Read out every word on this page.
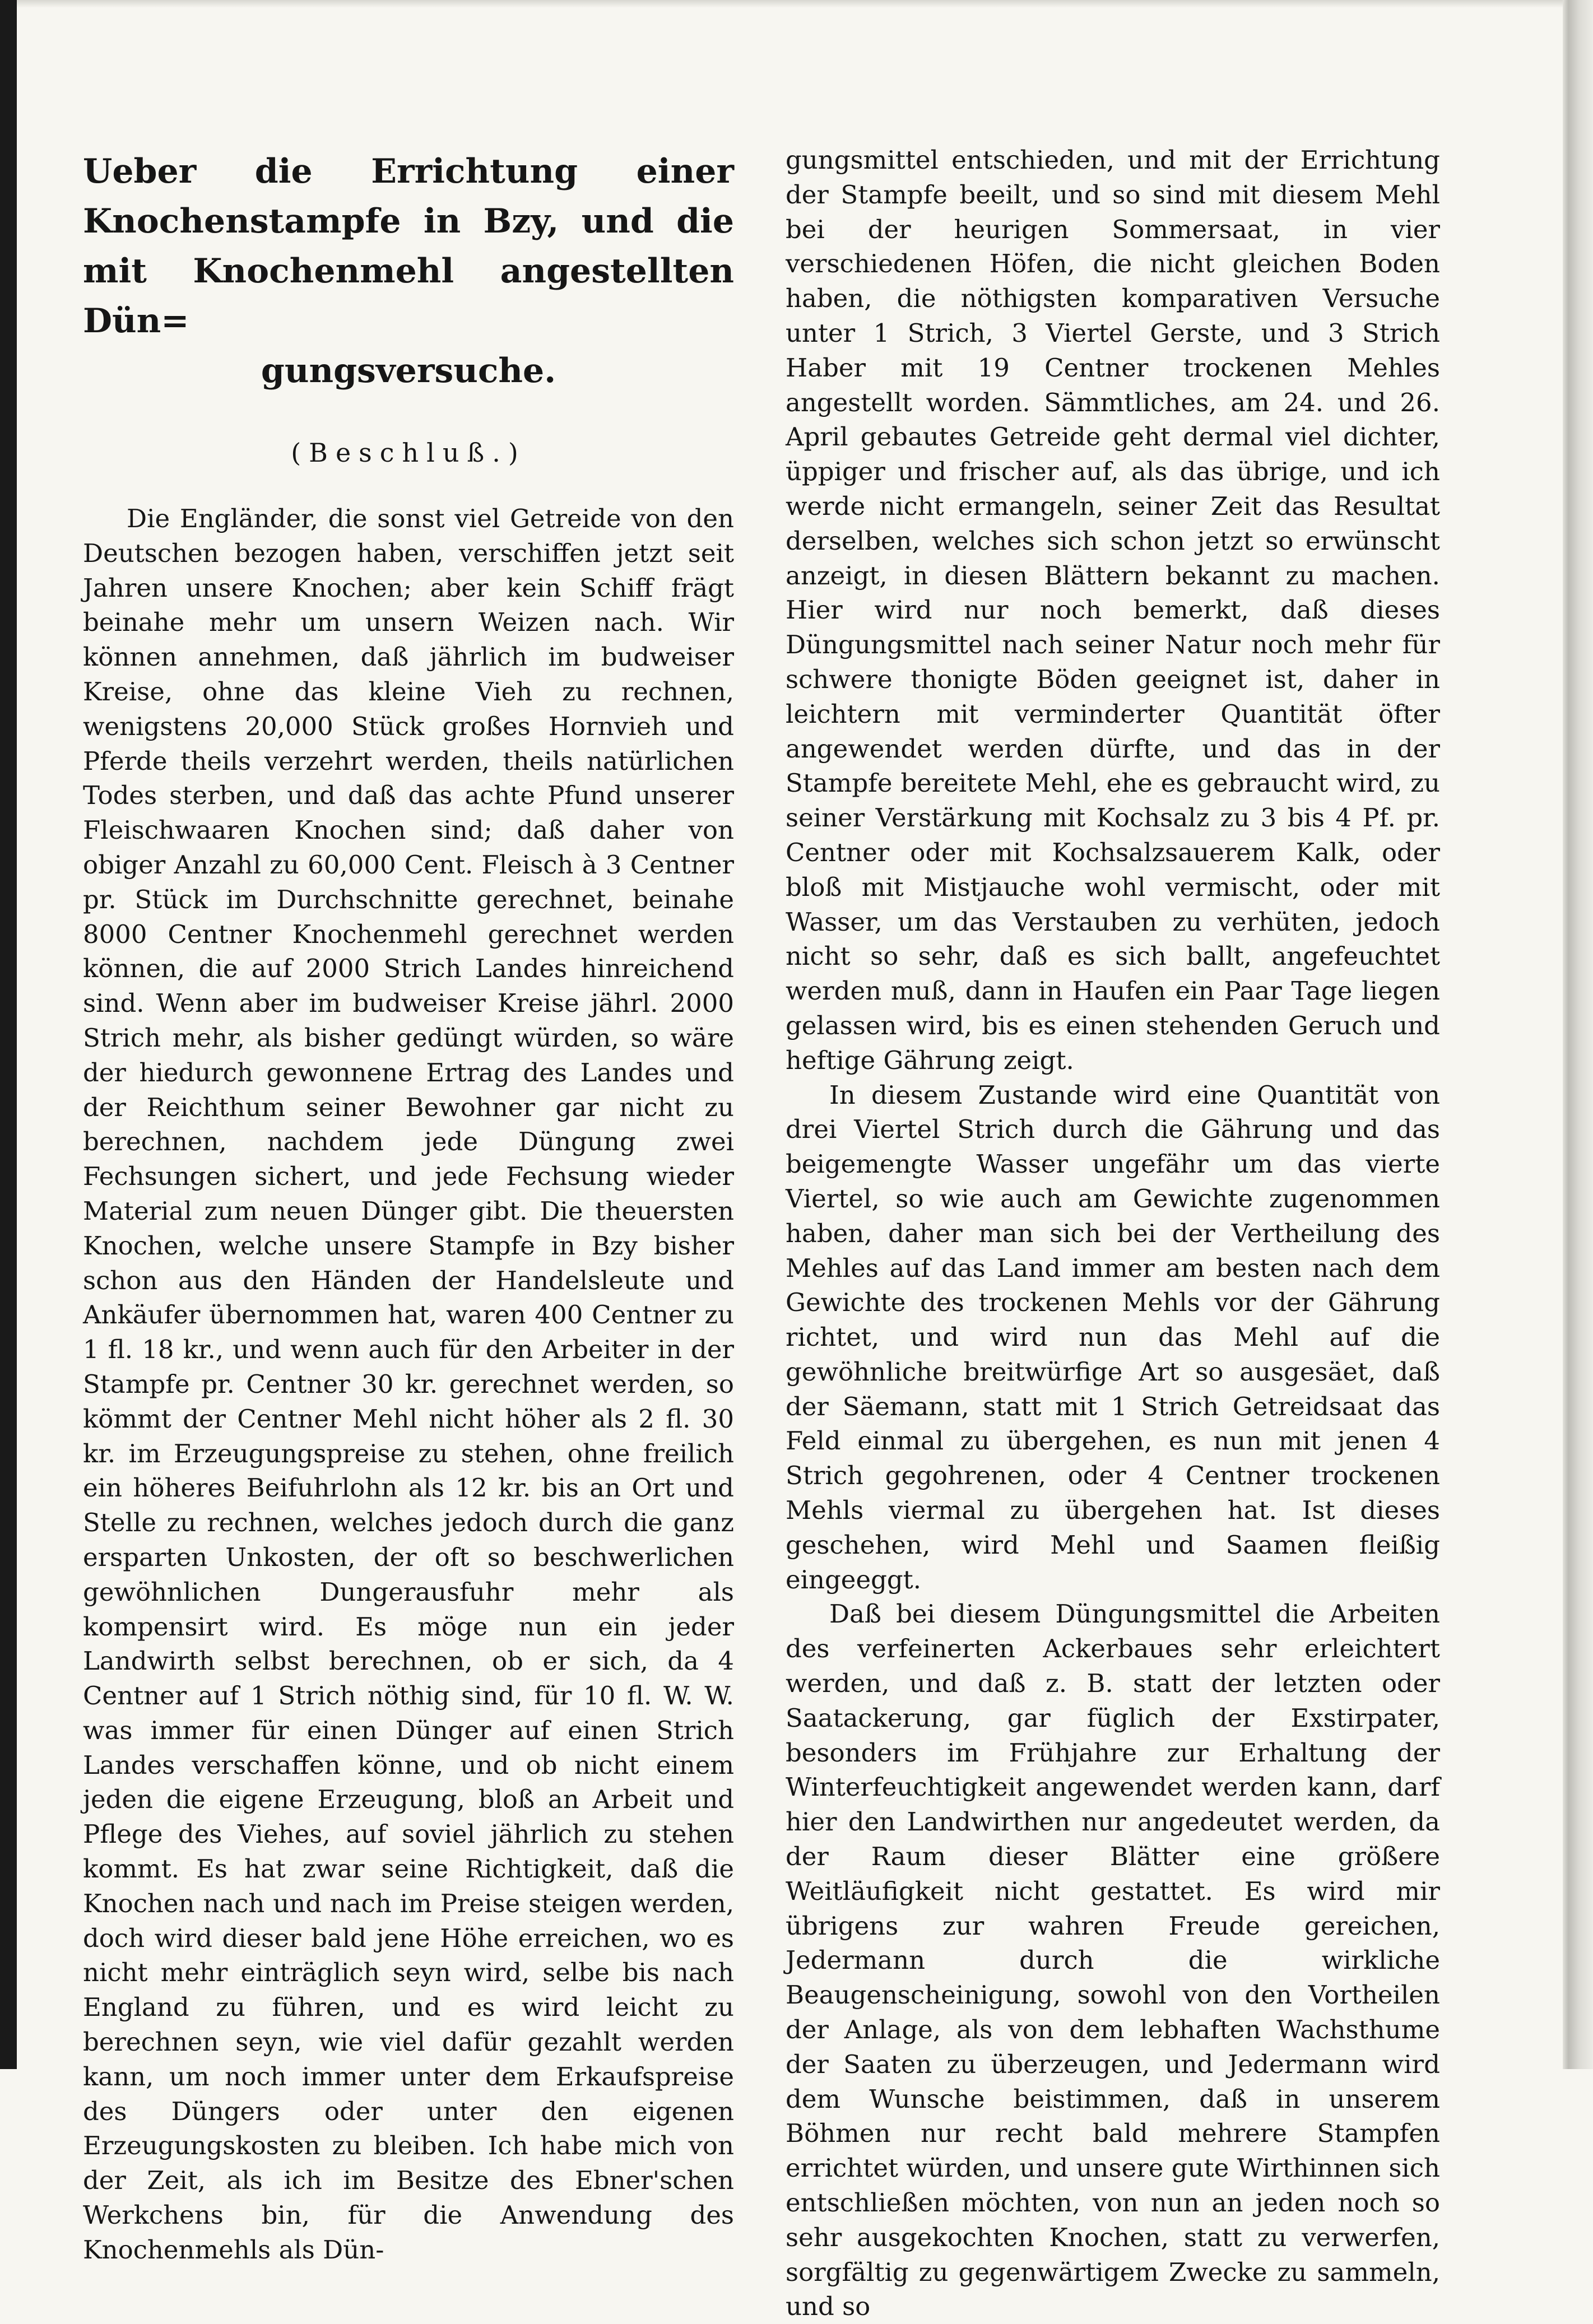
Ueber die Errichtung einer Knochenstampfe in Bzy, und die mit Knochenmehl angestellten Dün=

gungsversuche.

(Beschluß.)

Die Engländer, die sonst viel Getreide von den Deutschen bezogen haben, verschiffen jetzt seit Jahren unsere Knochen; aber kein Schiff frägt beinahe mehr um unsern Weizen nach. Wir können annehmen, daß jährlich im budweiser Kreise, ohne das kleine Vieh zu rechnen, wenigstens 20,000 Stück großes Hornvieh und Pferde theils verzehrt werden, theils natürlichen Todes sterben, und daß das achte Pfund unserer Fleischwaaren Knochen sind; daß daher von obiger Anzahl zu 60,000 Cent. Fleisch à 3 Centner pr. Stück im Durchschnitte gerechnet, beinahe 8000 Centner Knochenmehl gerechnet werden können, die auf 2000 Strich Landes hinreichend sind. Wenn aber im budweiser Kreise jährl. 2000 Strich mehr, als bisher gedüngt würden, so wäre der hiedurch gewonnene Ertrag des Landes und der Reichthum seiner Bewohner gar nicht zu berechnen, nachdem jede Düngung zwei Fechsungen sichert, und jede Fechsung wieder Material zum neuen Dünger gibt. Die theuersten Knochen, welche unsere Stampfe in Bzy bisher schon aus den Händen der Handelsleute und Ankäufer übernommen hat, waren 400 Centner zu 1 fl. 18 kr., und wenn auch für den Arbeiter in der Stampfe pr. Centner 30 kr. gerechnet werden, so kömmt der Centner Mehl nicht höher als 2 fl. 30 kr. im Erzeugungspreise zu stehen, ohne freilich ein höheres Beifuhrlohn als 12 kr. bis an Ort und Stelle zu rechnen, welches jedoch durch die ganz ersparten Unkosten, der oft so beschwerlichen gewöhnlichen Dungerausfuhr mehr als kompensirt wird. Es möge nun ein jeder Landwirth selbst berechnen, ob er sich, da 4 Centner auf 1 Strich nöthig sind, für 10 fl. W. W. was immer für einen Dünger auf einen Strich Landes verschaffen könne, und ob nicht einem jeden die eigene Erzeugung, bloß an Arbeit und Pflege des Viehes, auf soviel jährlich zu stehen kommt. Es hat zwar seine Richtigkeit, daß die Knochen nach und nach im Preise steigen werden, doch wird dieser bald jene Höhe erreichen, wo es nicht mehr einträglich seyn wird, selbe bis nach England zu führen, und es wird leicht zu berechnen seyn, wie viel dafür gezahlt werden kann, um noch immer unter dem Erkaufspreise des Düngers oder unter den eigenen Erzeugungskosten zu bleiben. Ich habe mich von der Zeit, als ich im Besitze des Ebner'schen Werkchens bin, für die Anwendung des Knochenmehls als Dün-

gungsmittel entschieden, und mit der Errichtung der Stampfe beeilt, und so sind mit diesem Mehl bei der heurigen Sommersaat, in vier verschiedenen Höfen, die nicht gleichen Boden haben, die nöthigsten komparativen Versuche unter 1 Strich, 3 Viertel Gerste, und 3 Strich Haber mit 19 Centner trockenen Mehles angestellt worden. Sämmtliches, am 24. und 26. April gebautes Getreide geht dermal viel dichter, üppiger und frischer auf, als das übrige, und ich werde nicht ermangeln, seiner Zeit das Resultat derselben, welches sich schon jetzt so erwünscht anzeigt, in diesen Blättern bekannt zu machen. Hier wird nur noch bemerkt, daß dieses Düngungsmittel nach seiner Natur noch mehr für schwere thonigte Böden geeignet ist, daher in leichtern mit verminderter Quantität öfter angewendet werden dürfte, und das in der Stampfe bereitete Mehl, ehe es gebraucht wird, zu seiner Verstärkung mit Kochsalz zu 3 bis 4 Pf. pr. Centner oder mit Kochsalzsauerem Kalk, oder bloß mit Mistjauche wohl vermischt, oder mit Wasser, um das Verstauben zu verhüten, jedoch nicht so sehr, daß es sich ballt, angefeuchtet werden muß, dann in Haufen ein Paar Tage liegen gelassen wird, bis es einen stehenden Geruch und heftige Gährung zeigt.

In diesem Zustande wird eine Quantität von drei Viertel Strich durch die Gährung und das beigemengte Wasser ungefähr um das vierte Viertel, so wie auch am Gewichte zugenommen haben, daher man sich bei der Vertheilung des Mehles auf das Land immer am besten nach dem Gewichte des trockenen Mehls vor der Gährung richtet, und wird nun das Mehl auf die gewöhnliche breitwürfige Art so ausgesäet, daß der Säemann, statt mit 1 Strich Getreidsaat das Feld einmal zu übergehen, es nun mit jenen 4 Strich gegohrenen, oder 4 Centner trockenen Mehls viermal zu übergehen hat. Ist dieses geschehen, wird Mehl und Saamen fleißig eingeeggt.

Daß bei diesem Düngungsmittel die Arbeiten des verfeinerten Ackerbaues sehr erleichtert werden, und daß z. B. statt der letzten oder Saatackerung, gar füglich der Exstirpater, besonders im Frühjahre zur Erhaltung der Winterfeuchtigkeit angewendet werden kann, darf hier den Landwirthen nur angedeutet werden, da der Raum dieser Blätter eine größere Weitläufigkeit nicht gestattet. Es wird mir übrigens zur wahren Freude gereichen, Jedermann durch die wirkliche Beaugenscheinigung, sowohl von den Vortheilen der Anlage, als von dem lebhaften Wachsthume der Saaten zu überzeugen, und Jedermann wird dem Wunsche beistimmen, daß in unserem Böhmen nur recht bald mehrere Stampfen errichtet würden, und unsere gute Wirthinnen sich entschließen möchten, von nun an jeden noch so sehr ausgekochten Knochen, statt zu verwerfen, sorgfältig zu gegenwärtigem Zwecke zu sammeln, und so
